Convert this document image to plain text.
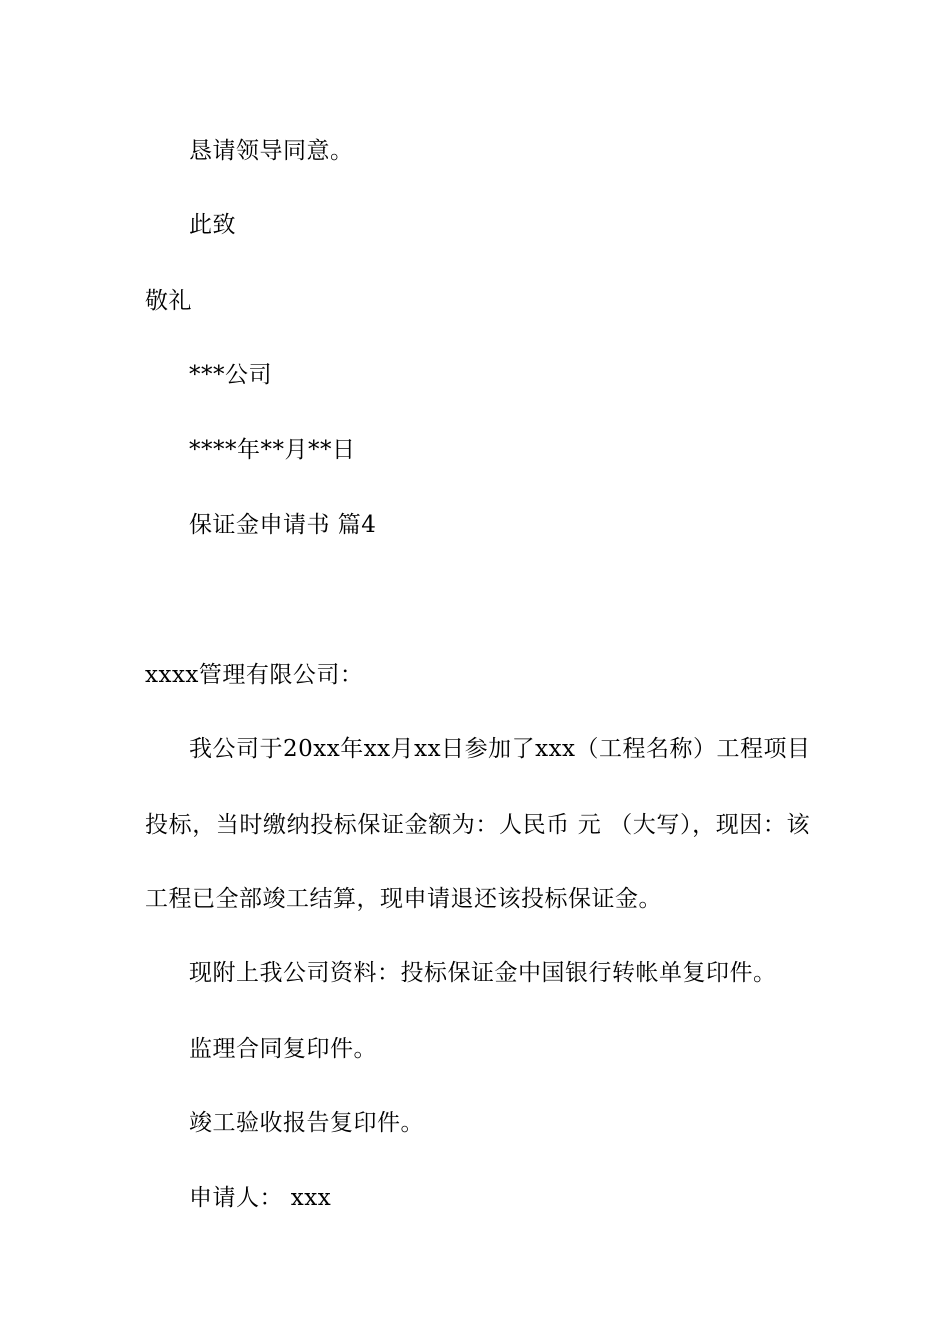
恳请领导同意。
此致
敬礼
***公司
****年**月**日
保证金申请书 篇4
xxxx管理有限公司：
我公司于20xx年xx月xx日参加了xxx（工程名称）工程项目
投标，当时缴纳投标保证金额为：人民币 元 （大写），现因：该
工程已全部竣工结算，现申请退还该投标保证金。
现附上我公司资料：投标保证金中国银行转帐单复印件。
监理合同复印件。
竣工验收报告复印件。
申请人： xxx
